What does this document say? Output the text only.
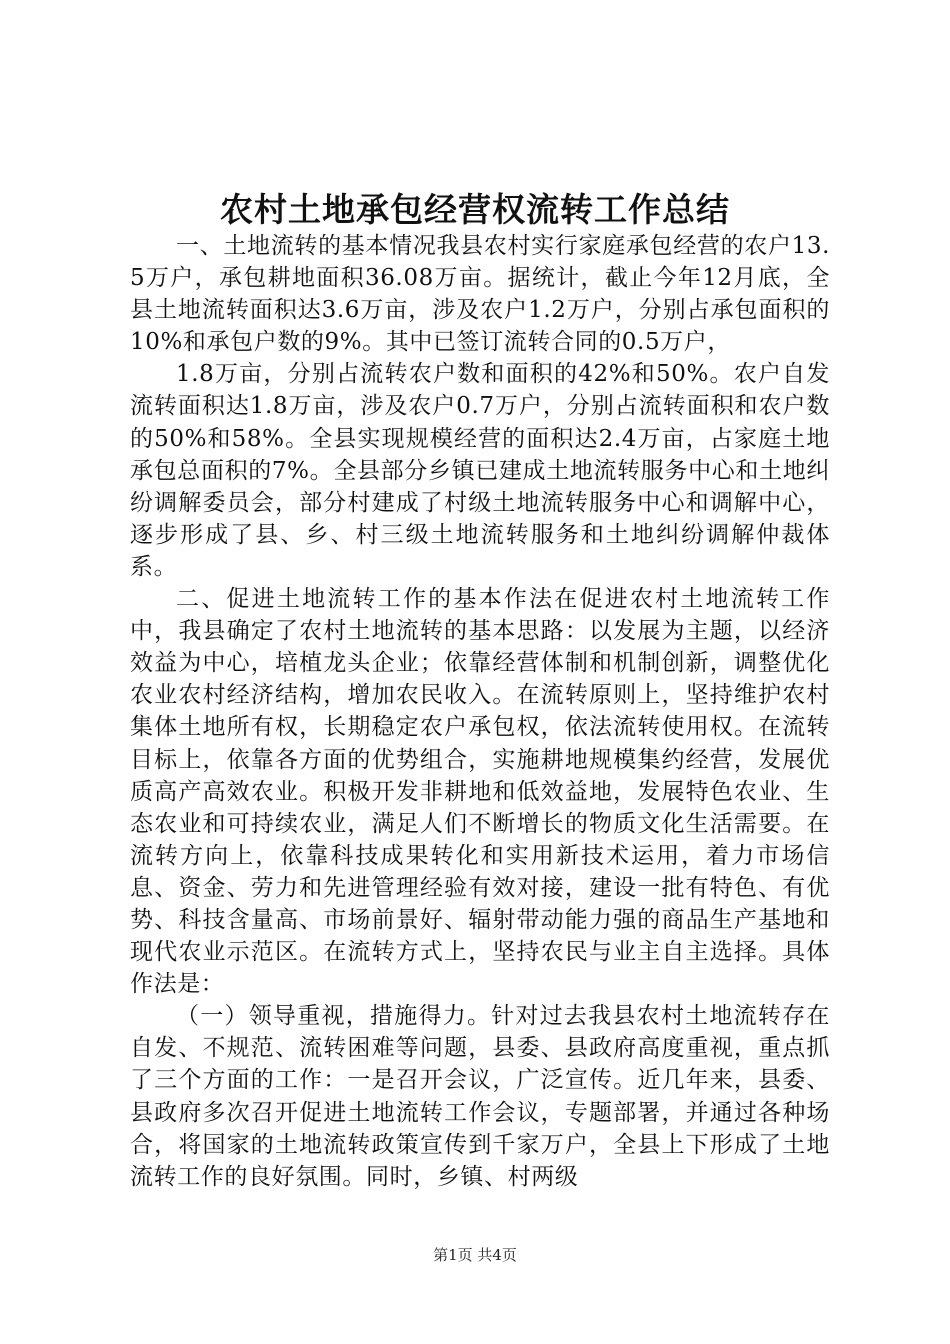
农村土地承包经营权流转工作总结

一、土地流转的基本情况我县农村实行家庭承包经营的农户13.5万户，承包耕地面积36.08万亩。据统计，截止今年12月底，全县土地流转面积达3.6万亩，涉及农户1.2万户，分别占承包面积的10%和承包户数的9%。其中已签订流转合同的0.5万户，

1.8万亩，分别占流转农户数和面积的42%和50%。农户自发流转面积达1.8万亩，涉及农户0.7万户，分别占流转面积和农户数的50%和58%。全县实现规模经营的面积达2.4万亩，占家庭土地承包总面积的7%。全县部分乡镇已建成土地流转服务中心和土地纠纷调解委员会，部分村建成了村级土地流转服务中心和调解中心，逐步形成了县、乡、村三级土地流转服务和土地纠纷调解仲裁体系。

二、促进土地流转工作的基本作法在促进农村土地流转工作中，我县确定了农村土地流转的基本思路：以发展为主题，以经济效益为中心，培植龙头企业；依靠经营体制和机制创新，调整优化农业农村经济结构，增加农民收入。在流转原则上，坚持维护农村集体土地所有权，长期稳定农户承包权，依法流转使用权。在流转目标上，依靠各方面的优势组合，实施耕地规模集约经营，发展优质高产高效农业。积极开发非耕地和低效益地，发展特色农业、生态农业和可持续农业，满足人们不断增长的物质文化生活需要。在流转方向上，依靠科技成果转化和实用新技术运用，着力市场信息、资金、劳力和先进管理经验有效对接，建设一批有特色、有优势、科技含量高、市场前景好、辐射带动能力强的商品生产基地和现代农业示范区。在流转方式上，坚持农民与业主自主选择。具体作法是：

（一）领导重视，措施得力。针对过去我县农村土地流转存在自发、不规范、流转困难等问题，县委、县政府高度重视，重点抓了三个方面的工作：一是召开会议，广泛宣传。近几年来，县委、县政府多次召开促进土地流转工作会议，专题部署，并通过各种场合，将国家的土地流转政策宣传到千家万户，全县上下形成了土地流转工作的良好氛围。同时，乡镇、村两级

第1页 共4页
